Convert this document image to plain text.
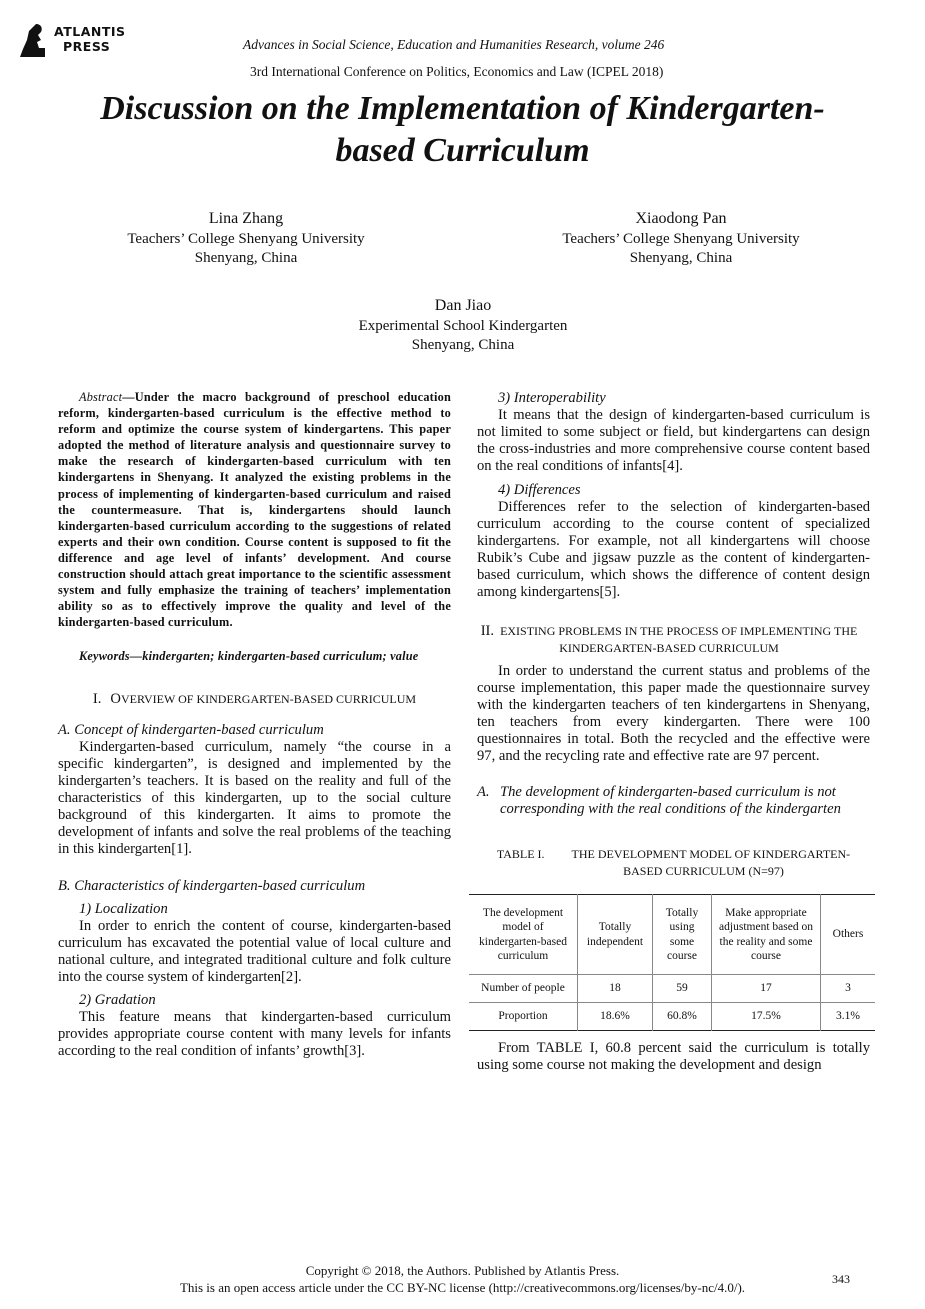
ATLANTIS
PRESS	Advances in Social Science, Education and Humanities Research, volume 246
3rd International Conference on Politics, Economics and Law (ICPEL 2018)
Discussion on the Implementation of Kindergarten-
based Curriculum
Lina Zhang
Teachers’ College Shenyang University
Shenyang, China
Xiaodong Pan
Teachers’ College Shenyang University
Shenyang, China
Dan Jiao
Experimental School Kindergarten
Shenyang, China
Abstract—Under the macro background of preschool education reform, kindergarten-based curriculum is the effective method to reform and optimize the course system of kindergartens. This paper adopted the method of literature analysis and questionnaire survey to make the research of kindergarten-based curriculum with ten kindergartens in Shenyang. It analyzed the existing problems in the process of implementing of kindergarten-based curriculum and raised the countermeasure. That is, kindergartens should launch kindergarten-based curriculum according to the suggestions of related experts and their own condition. Course content is supposed to fit the difference and age level of infants’ development. And course construction should attach great importance to the scientific assessment system and fully emphasize the training of teachers’ implementation ability so as to effectively improve the quality and level of the kindergarten-based curriculum.
Keywords—kindergarten; kindergarten-based curriculum; value
I. OVERVIEW OF KINDERGARTEN-BASED CURRICULUM
A. Concept of kindergarten-based curriculum

Kindergarten-based curriculum, namely “the course in a specific kindergarten”, is designed and implemented by the kindergarten’s teachers. It is based on the reality and full of the characteristics of this kindergarten, up to the social culture background of this kindergarten. It aims to promote the development of infants and solve the real problems of the teaching in this kindergarten[1].

B. Characteristics of kindergarten-based curriculum
1) Localization

In order to enrich the content of course, kindergarten-based curriculum has excavated the potential value of local culture and national culture, and integrated traditional culture and folk culture into the course system of kindergarten[2].

2) Gradation

This feature means that kindergarten-based curriculum provides appropriate course content with many levels for infants according to the real condition of infants’ growth[3].

3) Interoperability

It means that the design of kindergarten-based curriculum is not limited to some subject or field, but kindergartens can design the cross-industries and more comprehensive course content based on the real conditions of infants[4].

4) Differences

Differences refer to the selection of kindergarten-based curriculum according to the course content of specialized kindergartens. For example, not all kindergartens will choose Rubik’s Cube and jigsaw puzzle as the content of kindergarten-based curriculum, which shows the difference of content design among kindergartens[5].

II. EXISTING PROBLEMS IN THE PROCESS OF IMPLEMENTING THE
KINDERGARTEN-BASED CURRICULUM

In order to understand the current status and problems of the course implementation, this paper made the questionnaire survey with the kindergarten teachers of ten kindergartens in Shenyang, ten teachers from every kindergarten. There were 100 questionnaires in total. Both the recycled and the effective were 97, and the recycling rate and effective rate are 97 percent.

A. The development of kindergarten-based curriculum is not corresponding with the real conditions of the kindergarten
TABLE I. THE DEVELOPMENT MODEL OF KINDERGARTEN-
BASED CURRICULUM (N=97)
The development model of kindergarten-based curriculum	Totally independent	Totally using some course	Make appropriate adjustment based on the reality and some course	Others
Number of people	18	59	17	3
Proportion	18.6%	60.8%	17.5%	3.1%

From TABLE I, 60.8 percent said the curriculum is totally using some course not making the development and design

Copyright © 2018, the Authors. Published by Atlantis Press.
This is an open access article under the CC BY-NC license (http://creativecommons.org/licenses/by-nc/4.0/).
343
